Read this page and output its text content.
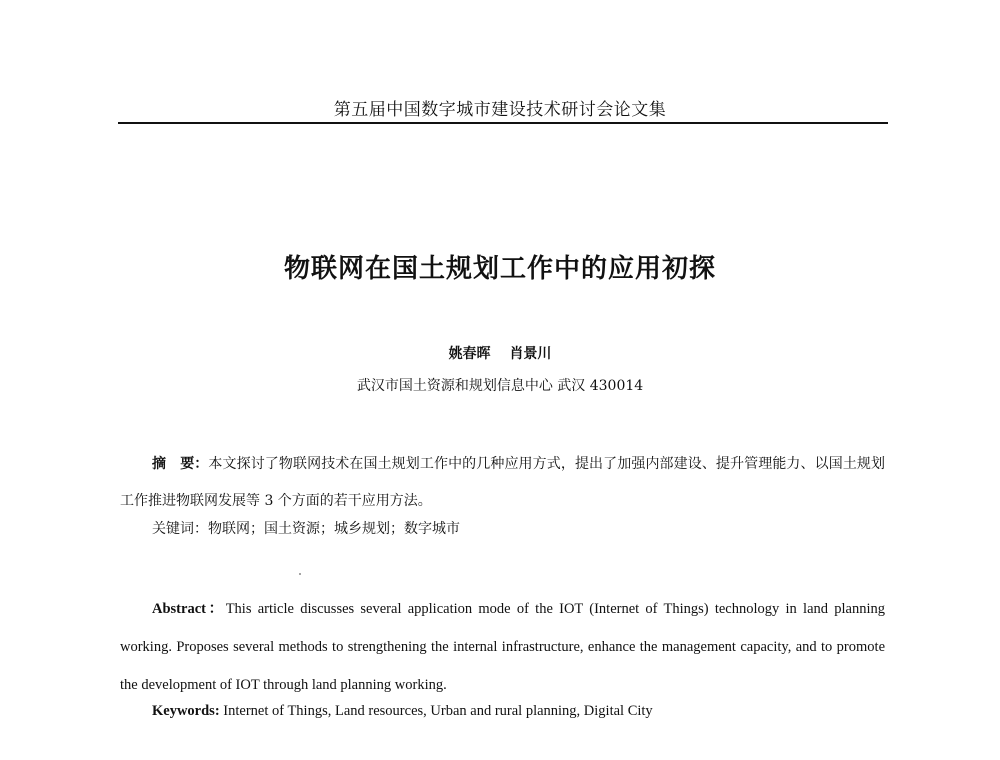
第五届中国数字城市建设技术研讨会论文集
物联网在国土规划工作中的应用初探
姚春晖 肖景川
武汉市国土资源和规划信息中心 武汉 430014
摘　要：本文探讨了物联网技术在国土规划工作中的几种应用方式，提出了加强内部建设、提升管理能力、以国土规划工作推进物联网发展等 3 个方面的若干应用方法。
关键词：物联网；国土资源；城乡规划；数字城市
Abstract：This article discusses several application mode of the IOT (Internet of Things) technology in land planning working. Proposes several methods to strengthening the internal infrastructure, enhance the management capacity, and to promote the development of IOT through land planning working.
Keywords: Internet of Things, Land resources, Urban and rural planning, Digital City
